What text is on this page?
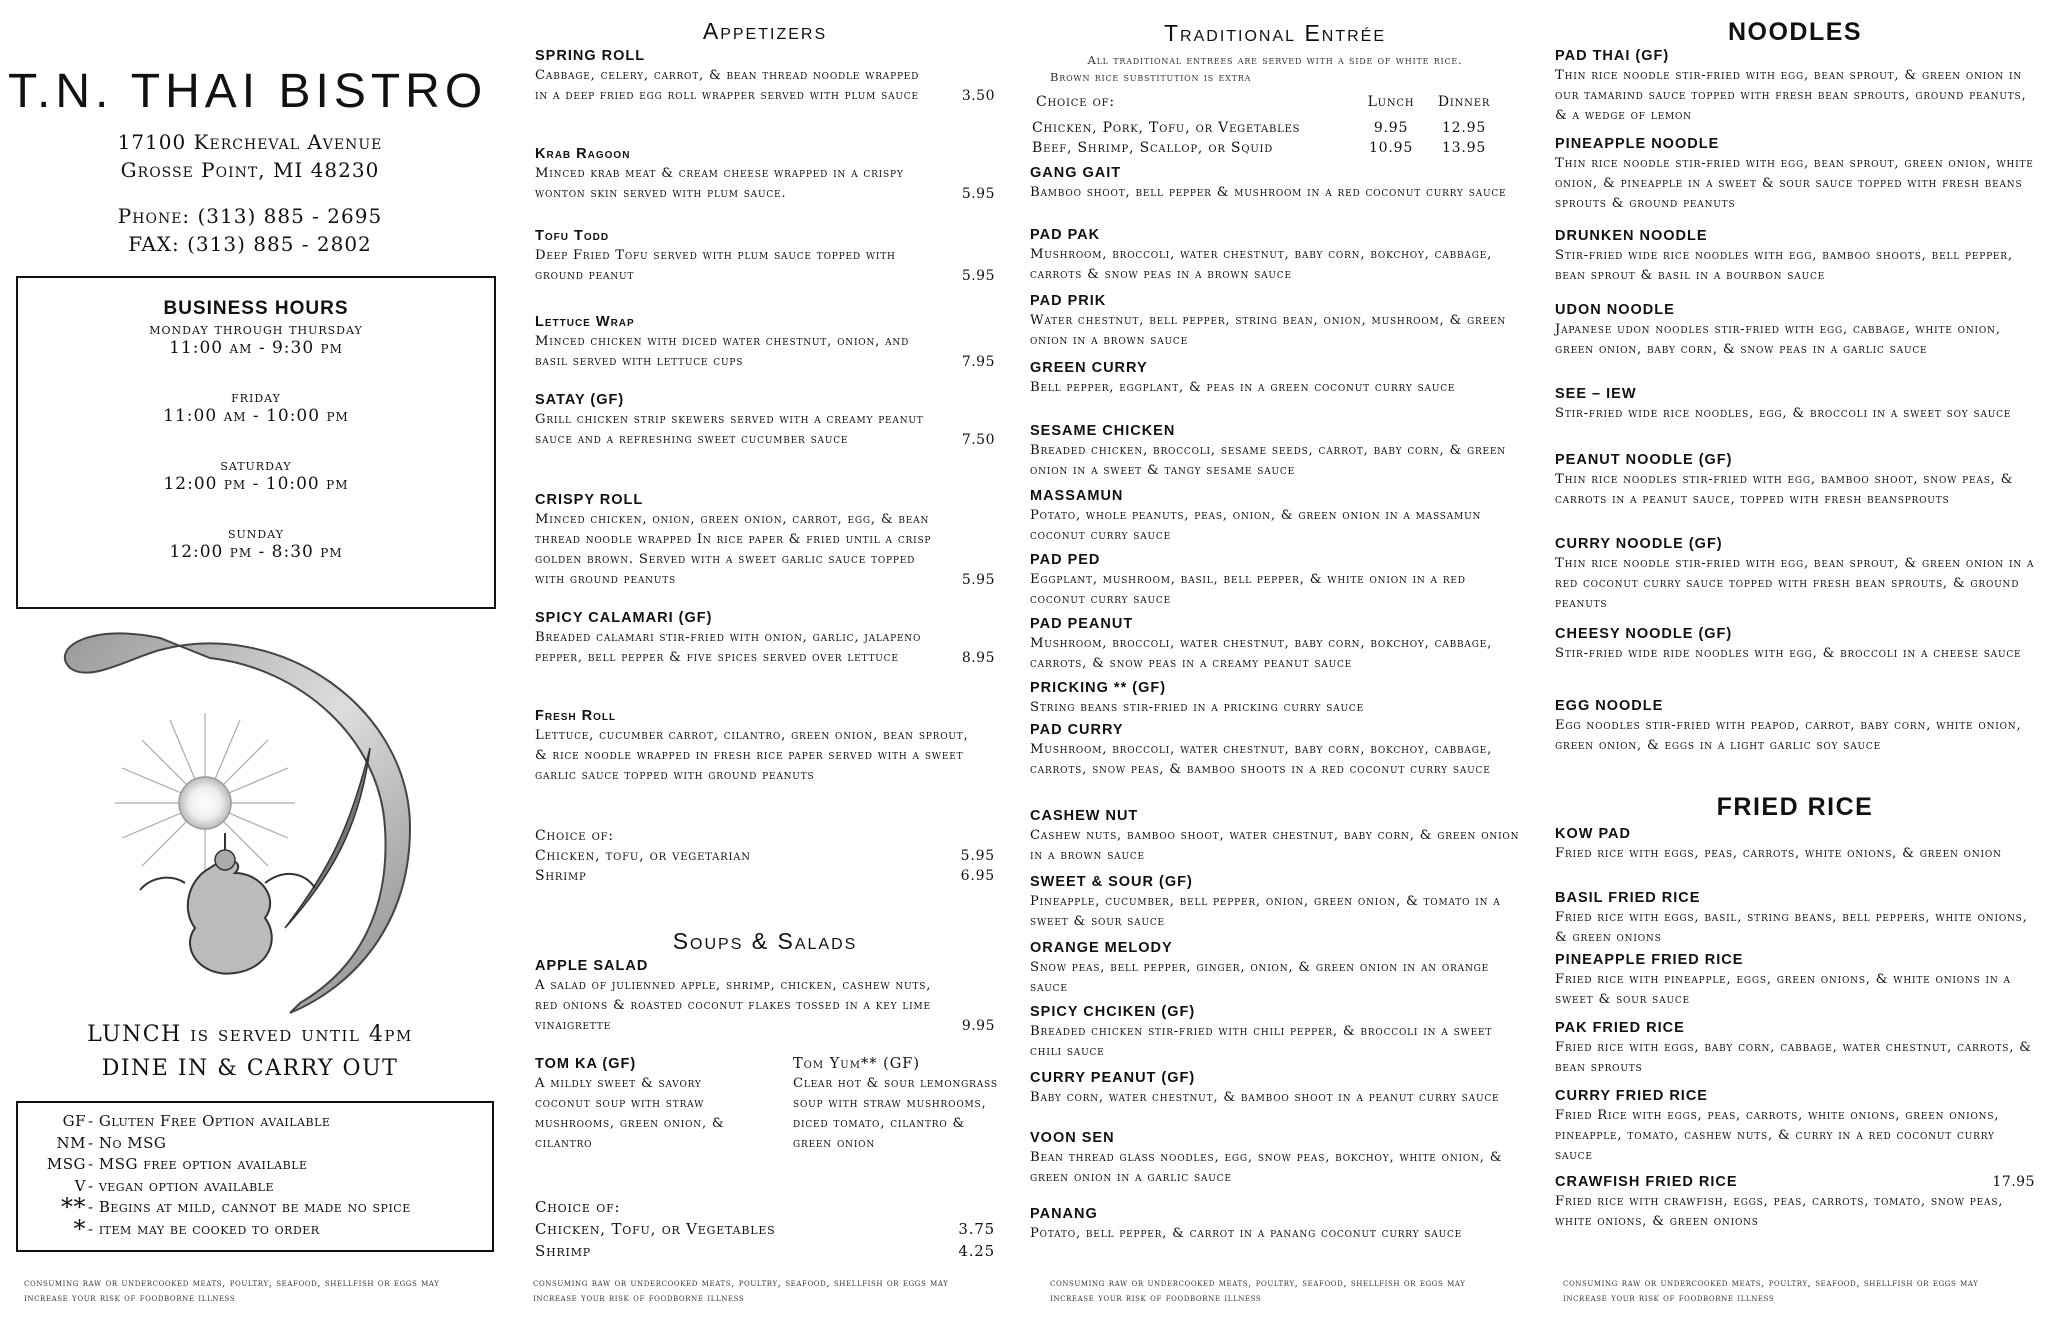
T.N. THAI BISTRO
17100 Kercheval Avenue
Grosse Point, MI 48230
Phone: (313) 885 - 2695
FAX: (313) 885 - 2802
BUSINESS HOURS
monday through thursday
11:00 am - 9:30 pm
friday
11:00 am - 10:00 pm
saturday
12:00 pm - 10:00 pm
sunday
12:00 pm - 8:30 pm
LUNCH is served until 4pm
DINE IN & CARRY OUT
GF - Gluten Free Option available
NM - No MSG
MSG - MSG free option available
V - vegan option available
** - Begins at mild, cannot be made no spice
* - item may be cooked to order
consuming raw or undercooked meats, poultry, seafood, shellfish or eggs may increase your risk of foodborne illness
Appetizers
SPRING ROLL
Cabbage, celery, carrot, & bean thread noodle wrapped in a deep fried egg roll wrapper served with plum sauce	3.50
Krab Ragoon
Minced krab meat & cream cheese wrapped in a crispy wonton skin served with plum sauce.	5.95
Tofu Todd
Deep Fried Tofu served with plum sauce topped with ground peanut	5.95
Lettuce Wrap
Minced chicken with diced water chestnut, onion, and basil served with lettuce cups	7.95
SATAY (GF)
Grill chicken strip skewers served with a creamy peanut sauce and a refreshing sweet cucumber sauce	7.50
CRISPY ROLL
Minced chicken, onion, green onion, carrot, egg, & bean thread noodle wrapped In rice paper & fried until a crisp golden brown. Served with a sweet garlic sauce topped with ground peanuts	5.95
SPICY CALAMARI (GF)
Breaded calamari stir-fried with onion, garlic, jalapeno pepper, bell pepper & five spices served over lettuce	8.95
Fresh Roll
Lettuce, cucumber carrot, cilantro, green onion, bean sprout, & rice noodle wrapped in fresh rice paper served with a sweet garlic sauce topped with ground peanuts
Choice of:
Chicken, tofu, or vegetarian	5.95
Shrimp	6.95
Soups & Salads
APPLE SALAD
A salad of julienned apple, shrimp, chicken, cashew nuts, red onions & roasted coconut flakes tossed in a key lime vinaigrette	9.95
TOM KA (GF)
A mildly sweet & savory coconut soup with straw mushrooms, green onion, & cilantro
Tom Yum** (GF)
Clear hot & sour lemongrass soup with straw mushrooms, diced tomato, cilantro & green onion
Choice of:
Chicken, Tofu, or Vegetables	3.75
Shrimp	4.25
consuming raw or undercooked meats, poultry, seafood, shellfish or eggs may increase your risk of foodborne illness
Traditional Entrée
All traditional entrees are served with a side of white rice.
Brown rice substitution is extra
Choice of:	Lunch	Dinner
Chicken, Pork, Tofu, or Vegetables	9.95	12.95
Beef, Shrimp, Scallop, or Squid	10.95	13.95
GANG GAIT
Bamboo shoot, bell pepper & mushroom in a red coconut curry sauce
PAD PAK
Mushroom, broccoli, water chestnut, baby corn, bokchoy, cabbage, carrots & snow peas in a brown sauce
PAD PRIK
Water chestnut, bell pepper, string bean, onion, mushroom, & green onion in a brown sauce
GREEN CURRY
Bell pepper, eggplant, & peas in a green coconut curry sauce
SESAME CHICKEN
Breaded chicken, broccoli, sesame seeds, carrot, baby corn, & green onion in a sweet & tangy sesame sauce
MASSAMUN
Potato, whole peanuts, peas, onion, & green onion in a massamun coconut curry sauce
PAD PED
Eggplant, mushroom, basil, bell pepper, & white onion in a red coconut curry sauce
PAD PEANUT
Mushroom, broccoli, water chestnut, baby corn, bokchoy, cabbage, carrots, & snow peas in a creamy peanut sauce
PRICKING ** (GF)
String beans stir-fried in a pricking curry sauce
PAD CURRY
Mushroom, broccoli, water chestnut, baby corn, bokchoy, cabbage, carrots, snow peas, & bamboo shoots in a red coconut curry sauce
CASHEW NUT
Cashew nuts, bamboo shoot, water chestnut, baby corn, & green onion in a brown sauce
SWEET & SOUR (GF)
Pineapple, cucumber, bell pepper, onion, green onion, & tomato in a sweet & sour sauce
ORANGE MELODY
Snow peas, bell pepper, ginger, onion, & green onion in an orange sauce
SPICY CHCIKEN (GF)
Breaded chicken stir-fried with chili pepper, & broccoli in a sweet chili sauce
CURRY PEANUT (GF)
Baby corn, water chestnut, & bamboo shoot in a peanut curry sauce
VOON SEN
Bean thread glass noodles, egg, snow peas, bokchoy, white onion, & green onion in a garlic sauce
PANANG
Potato, bell pepper, & carrot in a panang coconut curry sauce
consuming raw or undercooked meats, poultry, seafood, shellfish or eggs may increase your risk of foodborne illness
NOODLES
PAD THAI (GF)
Thin rice noodle stir-fried with egg, bean sprout, & green onion in our tamarind sauce topped with fresh bean sprouts, ground peanuts, & a wedge of lemon
PINEAPPLE NOODLE
Thin rice noodle stir-fried with egg, bean sprout, green onion, white onion, & pineapple in a sweet & sour sauce topped with fresh beans sprouts & ground peanuts
DRUNKEN NOODLE
Stir-fried wide rice noodles with egg, bamboo shoots, bell pepper, bean sprout & basil in a bourbon sauce
UDON NOODLE
Japanese udon noodles stir-fried with egg, cabbage, white onion, green onion, baby corn, & snow peas in a garlic sauce
SEE – IEW
Stir-fried wide rice noodles, egg, & broccoli in a sweet soy sauce
PEANUT NOODLE (GF)
Thin rice noodles stir-fried with egg, bamboo shoot, snow peas, & carrots in a peanut sauce, topped with fresh beansprouts
CURRY NOODLE (GF)
Thin rice noodle stir-fried with egg, bean sprout, & green onion in a red coconut curry sauce topped with fresh bean sprouts, & ground peanuts
CHEESY NOODLE (GF)
Stir-fried wide ride noodles with egg, & broccoli in a cheese sauce
EGG NOODLE
Egg noodles stir-fried with peapod, carrot, baby corn, white onion, green onion, & eggs in a light garlic soy sauce
FRIED RICE
KOW PAD
Fried rice with eggs, peas, carrots, white onions, & green onion
BASIL FRIED RICE
Fried rice with eggs, basil, string beans, bell peppers, white onions, & green onions
PINEAPPLE FRIED RICE
Fried rice with pineapple, eggs, green onions, & white onions in a sweet & sour sauce
PAK FRIED RICE
Fried rice with eggs, baby corn, cabbage, water chestnut, carrots, & bean sprouts
CURRY FRIED RICE
Fried Rice with eggs, peas, carrots, white onions, green onions, pineapple, tomato, cashew nuts, & curry in a red coconut curry sauce
CRAWFISH FRIED RICE	17.95
Fried rice with crawfish, eggs, peas, carrots, tomato, snow peas, white onions, & green onions
consuming raw or undercooked meats, poultry, seafood, shellfish or eggs may increase your risk of foodborne illness
